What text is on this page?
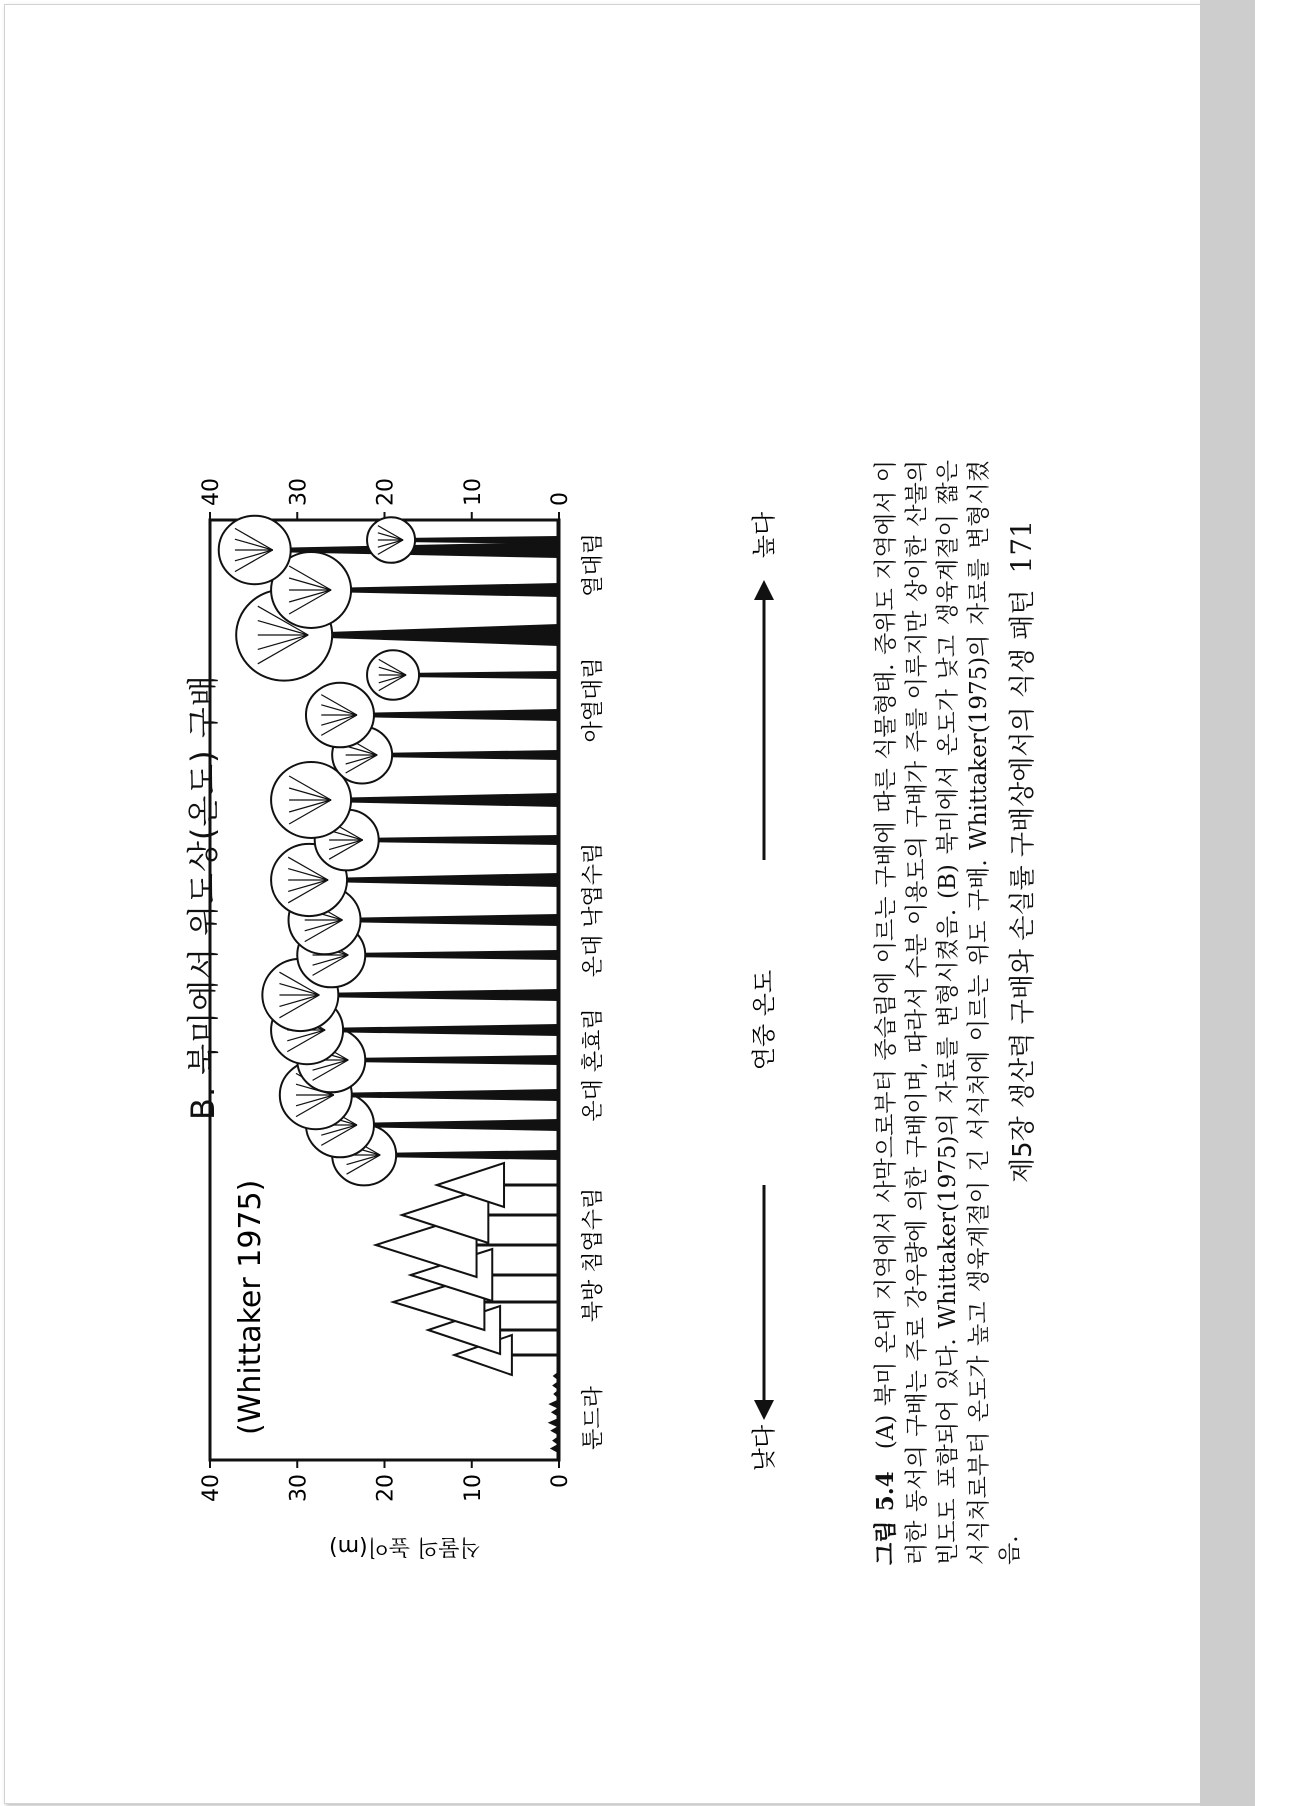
B. 북미에서 위도상(온도) 구배
식물의 높이(m)
(Whittaker 1975)
0
10
20
30
40
0
10
20
30
40
툰드라
북방 침엽수림
온대 혼효림
온대 낙엽수림
아열대림
열대림
낮다
연중 온도
높다
그림 5.4(A) 북미 온대 지역에서 사막으로부터 중습림에 이르는 구배에 따른 식물형태. 중위도 지역에서 이러한 동서의 구배는 주로 강우량에 의한 구배이며, 따라서 수분 이용도의 구배가 주를 이루지만 상이한 산불의 빈도도 포함되어 있다. Whittaker(1975)의 자료를 변형시켰음. (B) 북미에서 온도가 낮고 생육계절이 짧은 서식처로부터 온도가 높고 생육계절이 긴 서식처에 이르는 위도 구배. Whittaker(1975)의 자료를 변형시켰음.
제5장 생산력 구배와 손실률 구배상에서의 식생 패턴171
